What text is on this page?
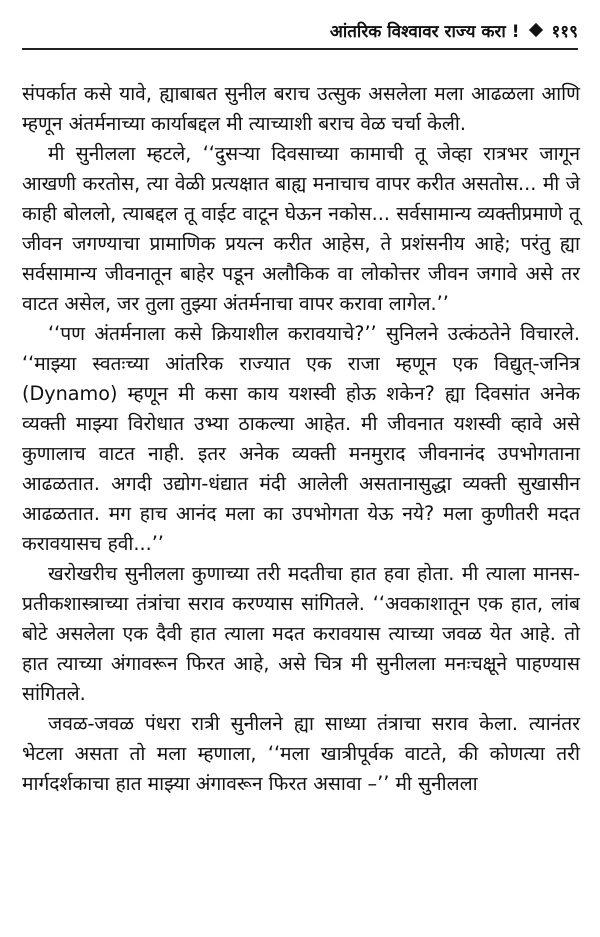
आंतरिक विश्वावर राज्य करा ! ११९

संपर्कात कसे यावे, ह्याबाबत सुनील बराच उत्सुक असलेला मला आढळला आणि म्हणून अंतर्मनाच्या कार्याबद्दल मी त्याच्याशी बराच वेळ चर्चा केली.

मी सुनीलला म्हटले, ‘‘दुसऱ्या दिवसाच्या कामाची तू जेव्हा रात्रभर जागून आखणी करतोस, त्या वेळी प्रत्यक्षात बाह्य मनाचाच वापर करीत असतोस... मी जे काही बोललो, त्याबद्दल तू वाईट वाटून घेऊन नकोस... सर्वसामान्य व्यक्तीप्रमाणे तू जीवन जगण्याचा प्रामाणिक प्रयत्न करीत आहेस, ते प्रशंसनीय आहे; परंतु ह्या सर्वसामान्य जीवनातून बाहेर पडून अलौकिक वा लोकोत्तर जीवन जगावे असे तर वाटत असेल, जर तुला तुझ्या अंतर्मनाचा वापर करावा लागेल.’’

‘‘पण अंतर्मनाला कसे क्रियाशील करावयाचे?’’ सुनिलने उत्कंठतेने विचारले. ‘‘माझ्या स्वतःच्या आंतरिक राज्यात एक राजा म्हणून एक विद्युत्-जनित्र (Dynamo) म्हणून मी कसा काय यशस्वी होऊ शकेन? ह्या दिवसांत अनेक व्यक्ती माझ्या विरोधात उभ्या ठाकल्या आहेत. मी जीवनात यशस्वी व्हावे असे कुणालाच वाटत नाही. इतर अनेक व्यक्ती मनमुराद जीवनानंद उपभोगताना आढळतात. अगदी उद्योग-धंद्यात मंदी आलेली असतानासुद्धा व्यक्ती सुखासीन आढळतात. मग हाच आनंद मला का उपभोगता येऊ नये? मला कुणीतरी मदत करावयासच हवी...’’

खरोखरीच सुनीलला कुणाच्या तरी मदतीचा हात हवा होता. मी त्याला मानस-प्रतीकशास्त्राच्या तंत्रांचा सराव करण्यास सांगितले. ‘‘अवकाशातून एक हात, लांब बोटे असलेला एक दैवी हात त्याला मदत करावयास त्याच्या जवळ येत आहे. तो हात त्याच्या अंगावरून फिरत आहे, असे चित्र मी सुनीलला मनःचक्षूने पाहण्यास सांगितले.

जवळ-जवळ पंधरा रात्री सुनीलने ह्या साध्या तंत्राचा सराव केला. त्यानंतर भेटला असता तो मला म्हणाला, ‘‘मला खात्रीपूर्वक वाटते, की कोणत्या तरी मार्गदर्शकाचा हात माझ्या अंगावरून फिरत असावा –’’ मी सुनीलला
